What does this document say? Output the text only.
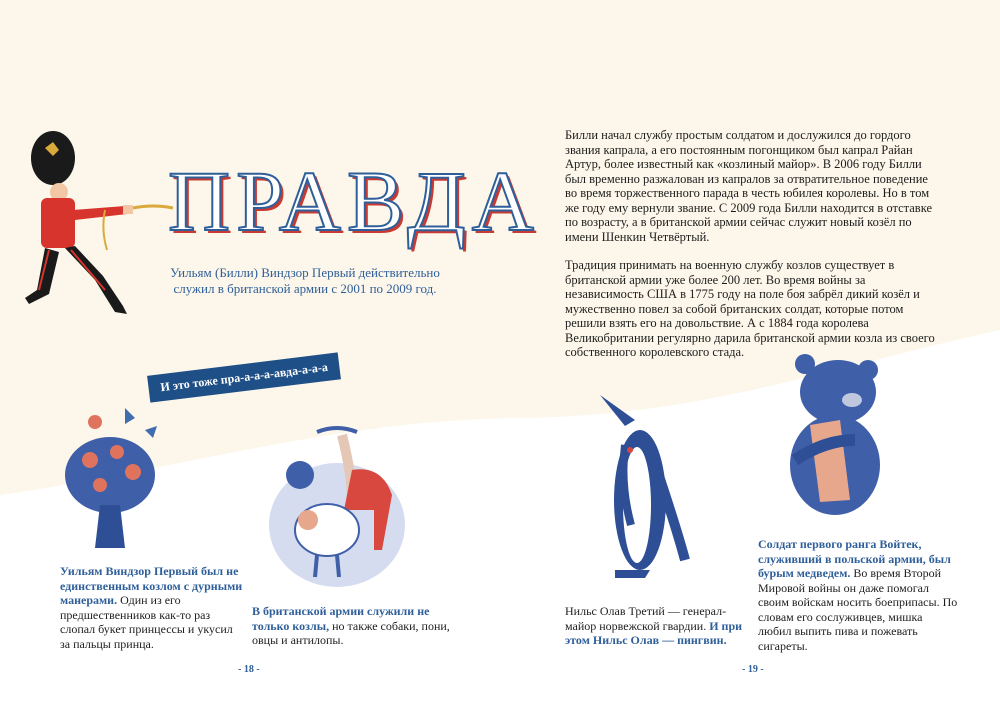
ПРАВДА
Уильям (Билли) Виндзор Первый действительно служил в британской армии с 2001 по 2009 год.

Билли начал службу простым солдатом и дослужился до гордого звания капрала, а его постоянным погонщиком был капрал Райан Артур, более известный как «козлиный майор». В 2006 году Билли был временно разжалован из капралов за отвратительное поведение во время торжественного парада в честь юбилея королевы. Но в том же году ему вернули звание. С 2009 года Билли находится в отставке по возрасту, а в британской армии сейчас служит новый козёл по имени Шенкин Четвёртый.

Традиция принимать на военную службу козлов существует в британской армии уже более 200 лет. Во время войны за независимость США в 1775 году на поле боя забрёл дикий козёл и мужественно повел за собой британских солдат, которые потом решили взять его на довольствие. А с 1884 года королева Великобритании регулярно дарила британской армии козла из своего собственного королевского стада.

И это тоже пра-а-а-а-авда-а-а-а
Уильям Виндзор Первый был не единственным козлом с дурными манерами. Один из его предшественников как-то раз слопал букет принцессы и укусил за пальцы принца.
В британской армии служили не только козлы, но также собаки, пони, овцы и антилопы.
Нильс Олав Третий — генерал-майор норвежской гвардии. И при этом Нильс Олав — пингвин.
Солдат первого ранга Войтек, служивший в польской армии, был бурым медведем. Во время Второй Мировой войны он даже помогал своим войскам носить боеприпасы. По словам его сослуживцев, мишка любил выпить пива и пожевать сигареты.
- 18 -	- 19 -
